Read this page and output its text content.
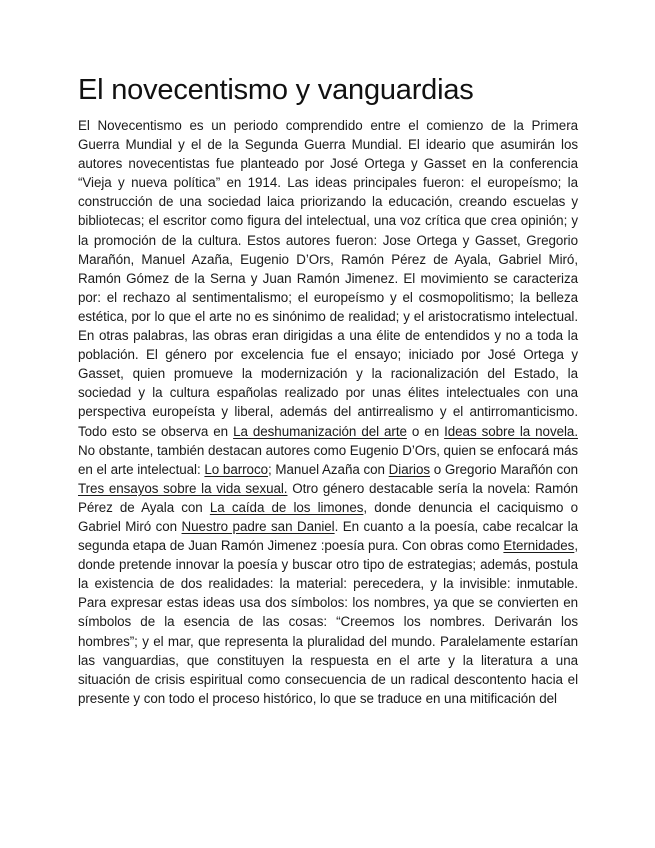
El novecentismo y vanguardias

El Novecentismo es un periodo comprendido entre el comienzo de la Primera Guerra Mundial y el de la Segunda Guerra Mundial. El ideario que asumirán los autores novecentistas fue planteado por José Ortega y Gasset en la conferencia “Vieja y nueva política” en 1914. Las ideas principales fueron: el europeísmo; la construcción de una sociedad laica priorizando la educación, creando escuelas y bibliotecas; el escritor como figura del intelectual, una voz crítica que crea opinión; y la promoción de la cultura. Estos autores fueron: Jose Ortega y Gasset, Gregorio Marañón, Manuel Azaña, Eugenio D’Ors, Ramón Pérez de Ayala, Gabriel Miró, Ramón Gómez de la Serna y Juan Ramón Jimenez. El movimiento se caracteriza por: el rechazo al sentimentalismo; el europeísmo y el cosmopolitismo; la belleza estética, por lo que el arte no es sinónimo de realidad; y el aristocratismo intelectual. En otras palabras, las obras eran dirigidas a una élite de entendidos y no a toda la población. El género por excelencia fue el ensayo; iniciado por José Ortega y Gasset, quien promueve la modernización y la racionalización del Estado, la sociedad y la cultura españolas realizado por unas élites intelectuales con una perspectiva europeísta y liberal, además del antirrealismo y el antirromanticismo. Todo esto se observa en La deshumanización del arte o en Ideas sobre la novela. No obstante, también destacan autores como Eugenio D’Ors, quien se enfocará más en el arte intelectual: Lo barroco; Manuel Azaña con Diarios o Gregorio Marañón con Tres ensayos sobre la vida sexual. Otro género destacable sería la novela: Ramón Pérez de Ayala con La caída de los limones, donde denuncia el caciquismo o Gabriel Miró con Nuestro padre san Daniel. En cuanto a la poesía, cabe recalcar la segunda etapa de Juan Ramón Jimenez :poesía pura. Con obras como Eternidades, donde pretende innovar la poesía y buscar otro tipo de estrategias; además, postula la existencia de dos realidades: la material: perecedera, y la invisible: inmutable. Para expresar estas ideas usa dos símbolos: los nombres, ya que se convierten en símbolos de la esencia de las cosas: “Creemos los nombres. Derivarán los hombres”; y el mar, que representa la pluralidad del mundo. Paralelamente estarían las vanguardias, que constituyen la respuesta en el arte y la literatura a una situación de crisis espiritual como consecuencia de un radical descontento hacia el presente y con todo el proceso histórico, lo que se traduce en una mitificación del
